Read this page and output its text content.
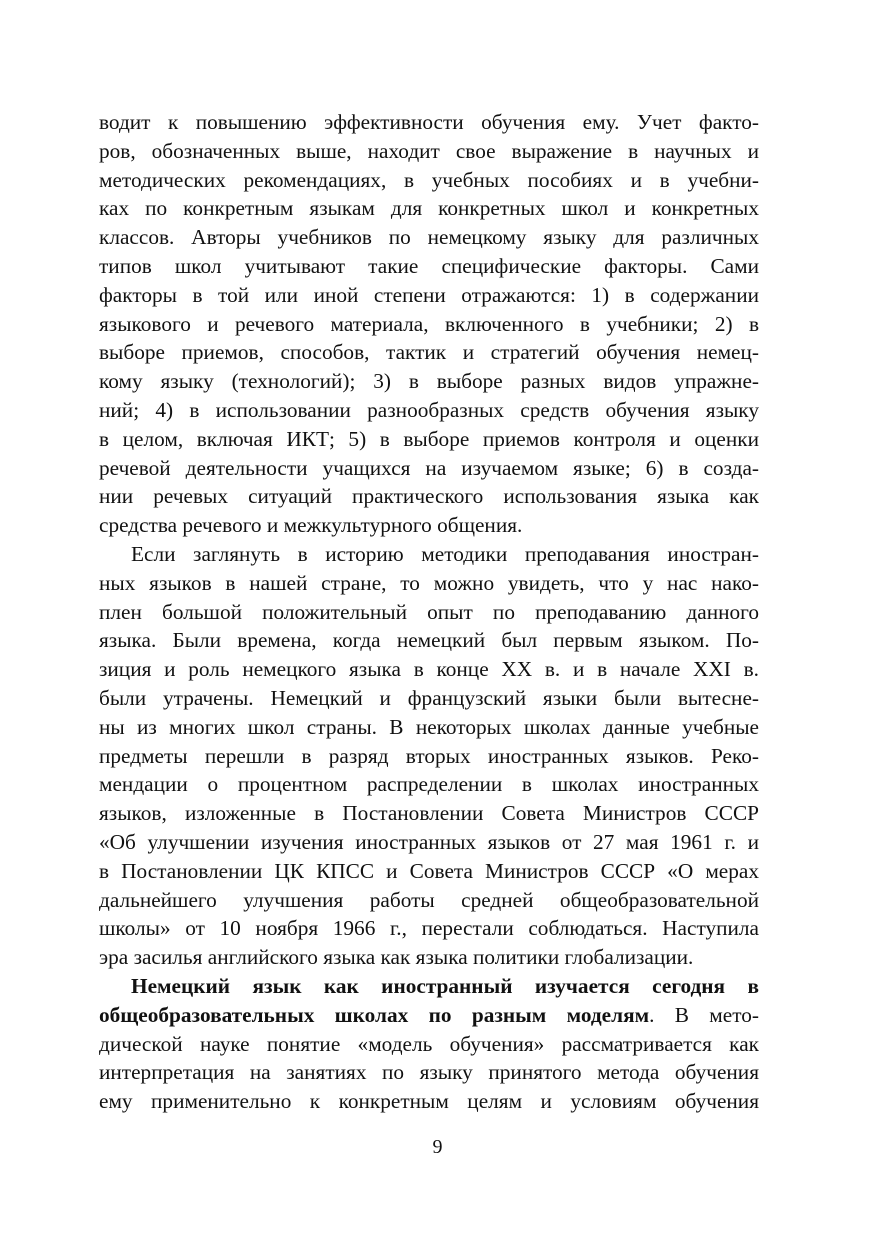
водит к повышению эффективности обучения ему. Учет факто-
ров, обозначенных выше, находит свое выражение в научных и
методических рекомендациях, в учебных пособиях и в учебни-
ках по конкретным языкам для конкретных школ и конкретных
классов. Авторы учебников по немецкому языку для различных
типов школ учитывают такие специфические факторы. Сами
факторы в той или иной степени отражаются: 1) в содержании
языкового и речевого материала, включенного в учебники; 2) в
выборе приемов, способов, тактик и стратегий обучения немец-
кому языку (технологий); 3) в выборе разных видов упражне-
ний; 4) в использовании разнообразных средств обучения языку
в целом, включая ИКТ; 5) в выборе приемов контроля и оценки
речевой деятельности учащихся на изучаемом языке; 6) в созда-
нии речевых ситуаций практического использования языка как
средства речевого и межкультурного общения.

Если заглянуть в историю методики преподавания иностран-
ных языков в нашей стране, то можно увидеть, что у нас нако-
плен большой положительный опыт по преподаванию данного
языка. Были времена, когда немецкий был первым языком. По-
зиция и роль немецкого языка в конце XX в. и в начале XXI в.
были утрачены. Немецкий и французский языки были вытесне-
ны из многих школ страны. В некоторых школах данные учебные
предметы перешли в разряд вторых иностранных языков. Реко-
мендации о процентном распределении в школах иностранных
языков, изложенные в Постановлении Совета Министров СССР
«Об улучшении изучения иностранных языков от 27 мая 1961 г. и
в Постановлении ЦК КПСС и Совета Министров СССР «О мерах
дальнейшего улучшения работы средней общеобразовательной
школы» от 10 ноября 1966 г., перестали соблюдаться. Наступила
эра засилья английского языка как языка политики глобализации.

Немецкий язык как иностранный изучается сегодня в
общеобразовательных школах по разным моделям. В мето-
дической науке понятие «модель обучения» рассматривается как
интерпретация на занятиях по языку принятого метода обучения
ему применительно к конкретным целям и условиям обучения

9
